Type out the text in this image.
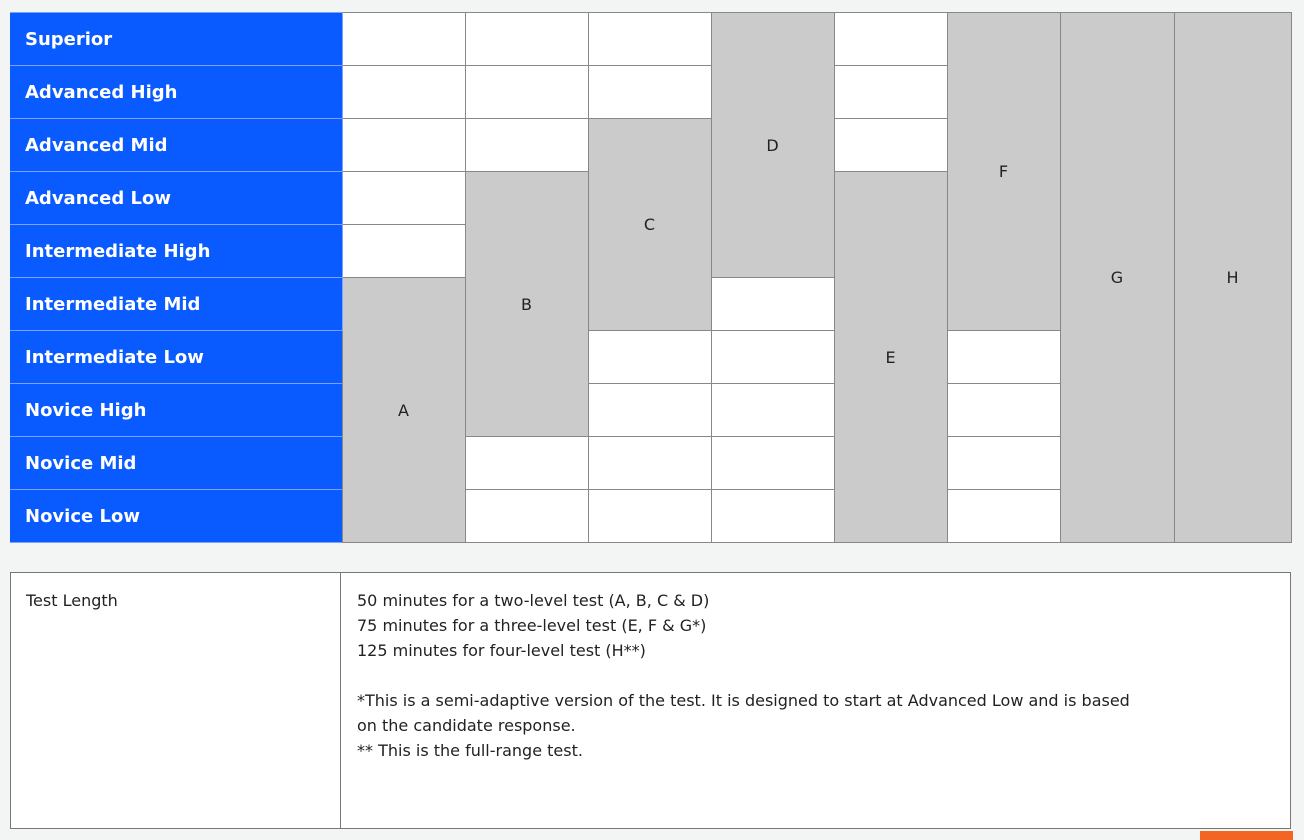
Superior				D		F	G	H
Advanced High								
Advanced Mid			C					
Advanced Low		B			E			
Intermediate High								
Intermediate Mid	A							
Intermediate Low								
Novice High								
Novice Mid								
Novice Low								
Test Length	50 minutes for a two-level test (A, B, C & D)
75 minutes for a three-level test (E, F & G*)
125 minutes for four-level test (H**)
*This is a semi-adaptive version of the test. It is designed to start at Advanced Low and is based
on the candidate response.
** This is the full-range test.
